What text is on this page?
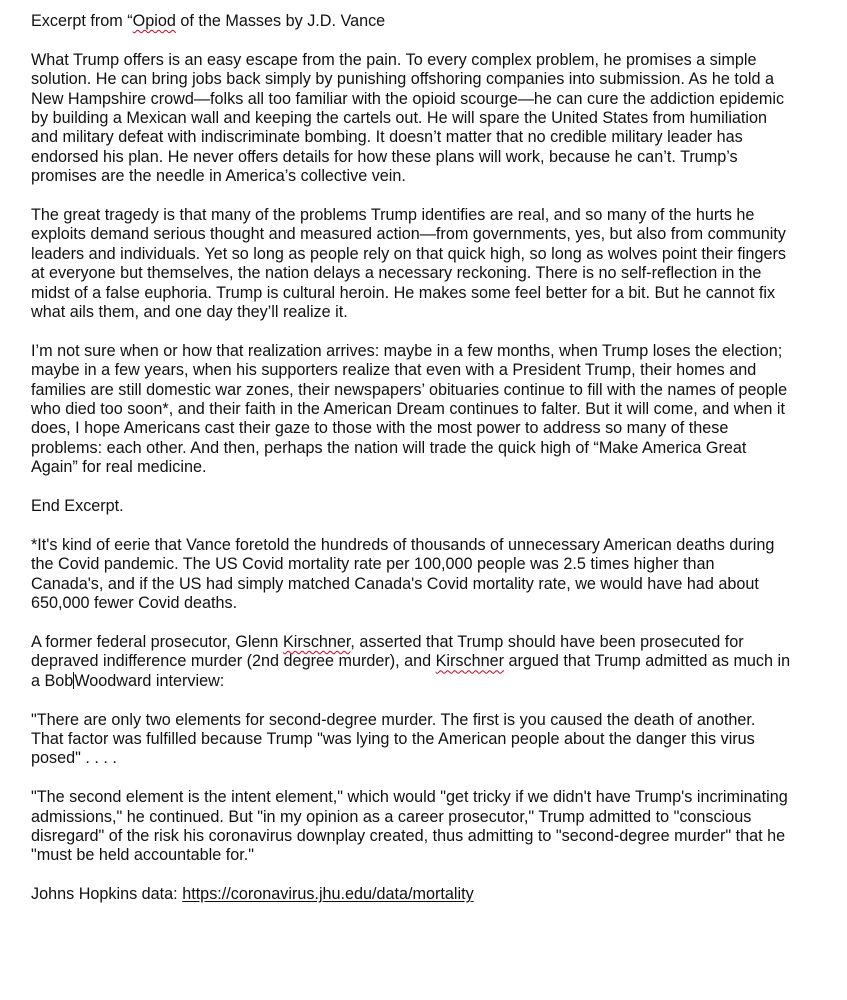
Excerpt from “Opiod of the Masses by J.D. Vance

What Trump offers is an easy escape from the pain. To every complex problem, he promises a simple solution. He can bring jobs back simply by punishing offshoring companies into submission. As he told a New Hampshire crowd—folks all too familiar with the opioid scourge—he can cure the addiction epidemic by building a Mexican wall and keeping the cartels out. He will spare the United States from humiliation and military defeat with indiscriminate bombing. It doesn’t matter that no credible military leader has endorsed his plan. He never offers details for how these plans will work, because he can’t. Trump’s promises are the needle in America’s collective vein.

The great tragedy is that many of the problems Trump identifies are real, and so many of the hurts he exploits demand serious thought and measured action—from governments, yes, but also from community leaders and individuals. Yet so long as people rely on that quick high, so long as wolves point their fingers at everyone but themselves, the nation delays a necessary reckoning. There is no self-reflection in the midst of a false euphoria. Trump is cultural heroin. He makes some feel better for a bit. But he cannot fix what ails them, and one day they’ll realize it.

I’m not sure when or how that realization arrives: maybe in a few months, when Trump loses the election; maybe in a few years, when his supporters realize that even with a President Trump, their homes and families are still domestic war zones, their newspapers’ obituaries continue to fill with the names of people who died too soon*, and their faith in the American Dream continues to falter. But it will come, and when it does, I hope Americans cast their gaze to those with the most power to address so many of these problems: each other. And then, perhaps the nation will trade the quick high of “Make America Great Again” for real medicine.

End Excerpt.

*It's kind of eerie that Vance foretold the hundreds of thousands of unnecessary American deaths during the Covid pandemic. The US Covid mortality rate per 100,000 people was 2.5 times higher than Canada's, and if the US had simply matched Canada's Covid mortality rate, we would have had about 650,000 fewer Covid deaths.

A former federal prosecutor, Glenn Kirschner, asserted that Trump should have been prosecuted for depraved indifference murder (2nd degree murder), and Kirschner argued that Trump admitted as much in a BobWoodward interview:

"There are only two elements for second-degree murder. The first is you caused the death of another. That factor was fulfilled because Trump "was lying to the American people about the danger this virus posed" . . . .

"The second element is the intent element," which would "get tricky if we didn't have Trump's incriminating admissions," he continued. But "in my opinion as a career prosecutor," Trump admitted to "conscious disregard" of the risk his coronavirus downplay created, thus admitting to "second-degree murder" that he "must be held accountable for."

Johns Hopkins data: https://coronavirus.jhu.edu/data/mortality
